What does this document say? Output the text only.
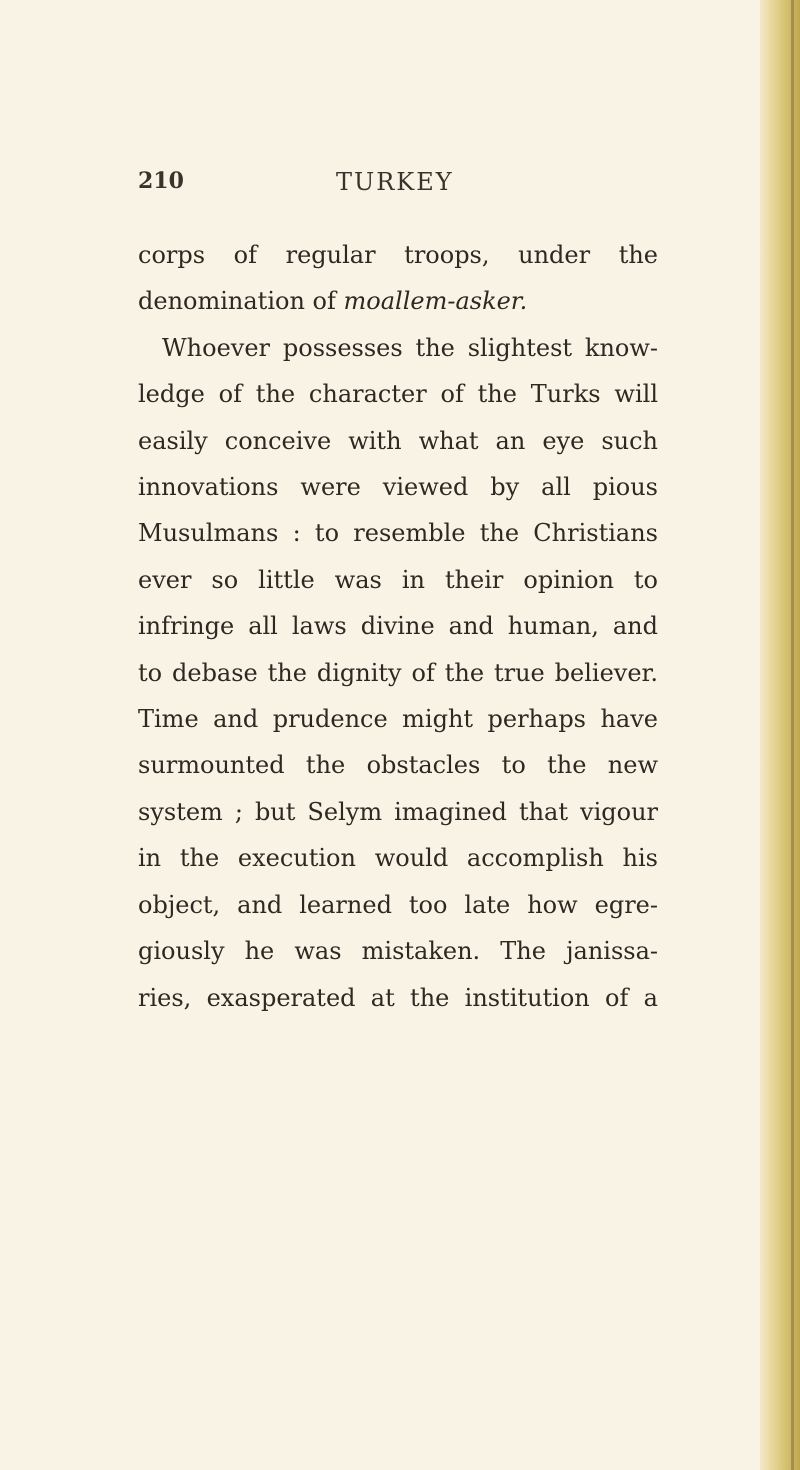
210	TURKEY
corps of regular troops, under the
denomination of moallem-asker.
Whoever possesses the slightest know-
ledge of the character of the Turks will
easily conceive with what an eye such
innovations were viewed by all pious
Musulmans : to resemble the Christians
ever so little was in their opinion to
infringe all laws divine and human, and
to debase the dignity of the true believer.
Time and prudence might perhaps have
surmounted the obstacles to the new
system ; but Selym imagined that vigour
in the execution would accomplish his
object, and learned too late how egre-
giously he was mistaken. The janissa-
ries, exasperated at the institution of a
